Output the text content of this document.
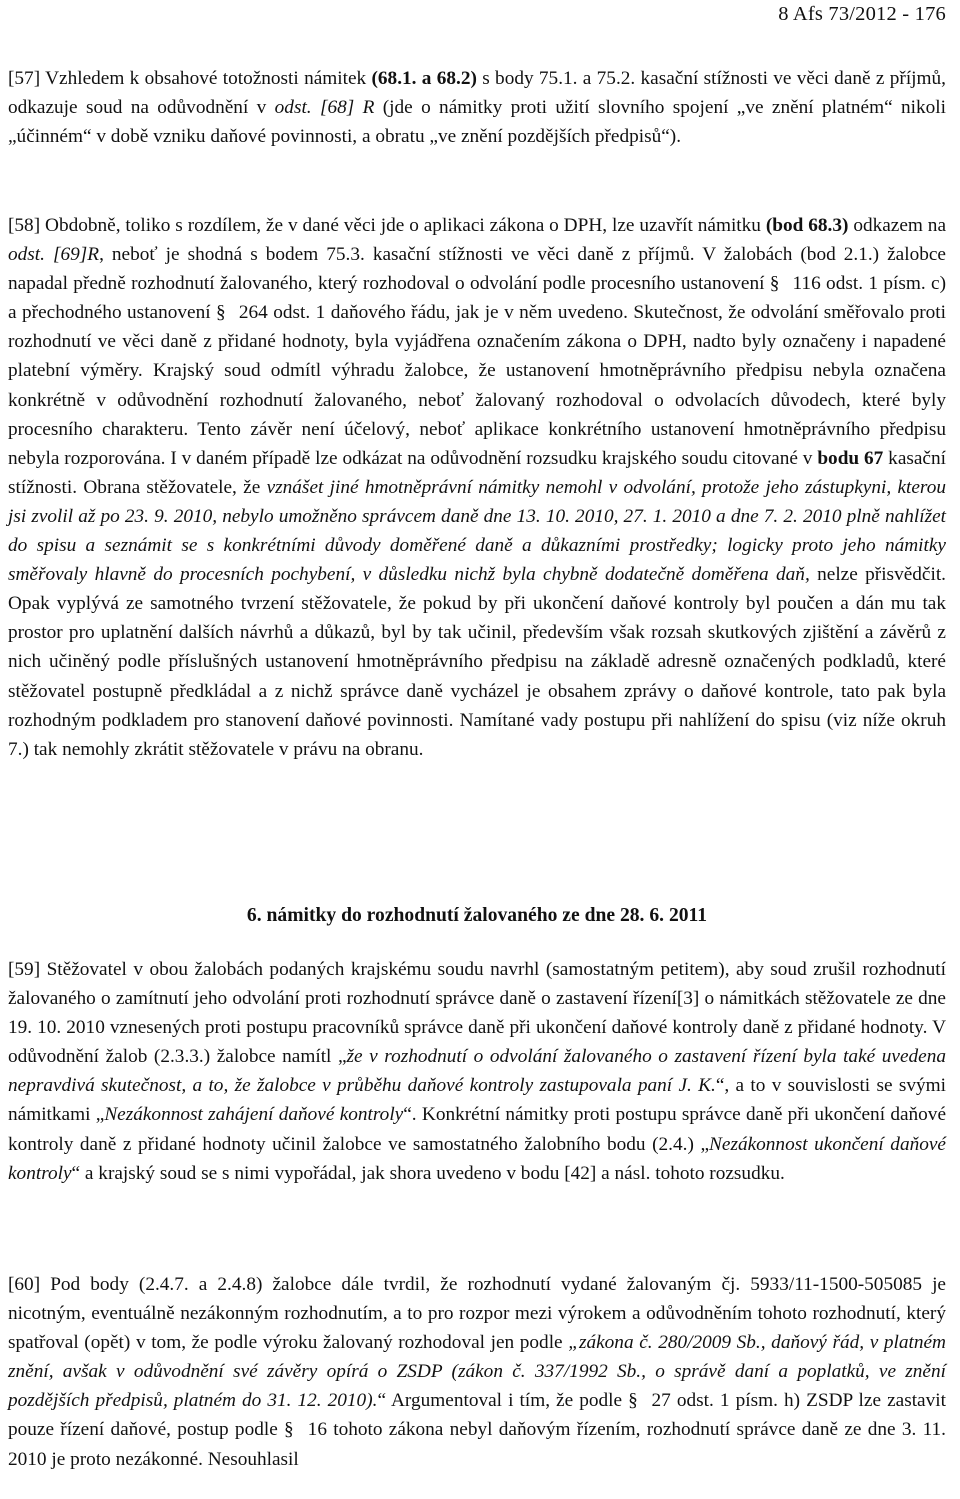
8 Afs 73/2012 - 176

[57] Vzhledem k obsahové totožnosti námitek (68.1. a 68.2) s body 75.1. a 75.2. kasační stížnosti ve věci daně z příjmů, odkazuje soud na odůvodnění v odst. [68] R (jde o námitky proti užití slovního spojení „ve znění platném“ nikoli „účinném“ v době vzniku daňové povinnosti, a obratu „ve znění pozdějších předpisů“).

[58] Obdobně, toliko s rozdílem, že v dané věci jde o aplikaci zákona o DPH, lze uzavřít námitku (bod 68.3) odkazem na odst. [69]R, neboť je shodná s bodem 75.3. kasační stížnosti ve věci daně z příjmů. V žalobách (bod 2.1.) žalobce napadal předně rozhodnutí žalovaného, který rozhodoval o odvolání podle procesního ustanovení § 116 odst. 1 písm. c) a přechodného ustanovení § 264 odst. 1 daňového řádu, jak je v něm uvedeno. Skutečnost, že odvolání směřovalo proti rozhodnutí ve věci daně z přidané hodnoty, byla vyjádřena označením zákona o DPH, nadto byly označeny i napadené platební výměry. Krajský soud odmítl výhradu žalobce, že ustanovení hmotněprávního předpisu nebyla označena konkrétně v odůvodnění rozhodnutí žalovaného, neboť žalovaný rozhodoval o odvolacích důvodech, které byly procesního charakteru. Tento závěr není účelový, neboť aplikace konkrétního ustanovení hmotněprávního předpisu nebyla rozporována. I v daném případě lze odkázat na odůvodnění rozsudku krajského soudu citované v bodu 67 kasační stížnosti. Obrana stěžovatele, že vznášet jiné hmotněprávní námitky nemohl v odvolání, protože jeho zástupkyni, kterou jsi zvolil až po 23. 9. 2010, nebylo umožněno správcem daně dne 13. 10. 2010, 27. 1. 2010 a dne 7. 2. 2010 plně nahlížet do spisu a seznámit se s konkrétními důvody doměřené daně a důkazními prostředky; logicky proto jeho námitky směřovaly hlavně do procesních pochybení, v důsledku nichž byla chybně dodatečně doměřena daň, nelze přisvědčit. Opak vyplývá ze samotného tvrzení stěžovatele, že pokud by při ukončení daňové kontroly byl poučen a dán mu tak prostor pro uplatnění dalších návrhů a důkazů, byl by tak učinil, především však rozsah skutkových zjištění a závěrů z nich učiněný podle příslušných ustanovení hmotněprávního předpisu na základě adresně označených podkladů, které stěžovatel postupně předkládal a z nichž správce daně vycházel je obsahem zprávy o daňové kontrole, tato pak byla rozhodným podkladem pro stanovení daňové povinnosti. Namítané vady postupu při nahlížení do spisu (viz níže okruh 7.) tak nemohly zkrátit stěžovatele v právu na obranu.

6. námitky do rozhodnutí žalovaného ze dne 28. 6. 2011

[59] Stěžovatel v obou žalobách podaných krajskému soudu navrhl (samostatným petitem), aby soud zrušil rozhodnutí žalovaného o zamítnutí jeho odvolání proti rozhodnutí správce daně o zastavení řízení[3] o námitkách stěžovatele ze dne 19. 10. 2010 vznesených proti postupu pracovníků správce daně při ukončení daňové kontroly daně z přidané hodnoty. V odůvodnění žalob (2.3.3.) žalobce namítl „že v rozhodnutí o odvolání žalovaného o zastavení řízení byla také uvedena nepravdivá skutečnost, a to, že žalobce v průběhu daňové kontroly zastupovala paní J. K.“, a to v souvislosti se svými námitkami „Nezákonnost zahájení daňové kontroly“. Konkrétní námitky proti postupu správce daně při ukončení daňové kontroly daně z přidané hodnoty učinil žalobce ve samostatného žalobního bodu (2.4.) „Nezákonnost ukončení daňové kontroly“ a krajský soud se s nimi vypořádal, jak shora uvedeno v bodu [42] a násl. tohoto rozsudku.

[60] Pod body (2.4.7. a 2.4.8) žalobce dále tvrdil, že rozhodnutí vydané žalovaným čj. 5933/11-1500-505085 je nicotným, eventuálně nezákonným rozhodnutím, a to pro rozpor mezi výrokem a odůvodněním tohoto rozhodnutí, který spatřoval (opět) v tom, že podle výroku žalovaný rozhodoval jen podle „zákona č. 280/2009 Sb., daňový řád, v platném znění, avšak v odůvodnění své závěry opírá o ZSDP (zákon č. 337/1992 Sb., o správě daní a poplatků, ve znění pozdějších předpisů, platném do 31. 12. 2010).“ Argumentoval i tím, že podle § 27 odst. 1 písm. h) ZSDP lze zastavit pouze řízení daňové, postup podle § 16 tohoto zákona nebyl daňovým řízením, rozhodnutí správce daně ze dne 3. 11. 2010 je proto nezákonné. Nesouhlasil
